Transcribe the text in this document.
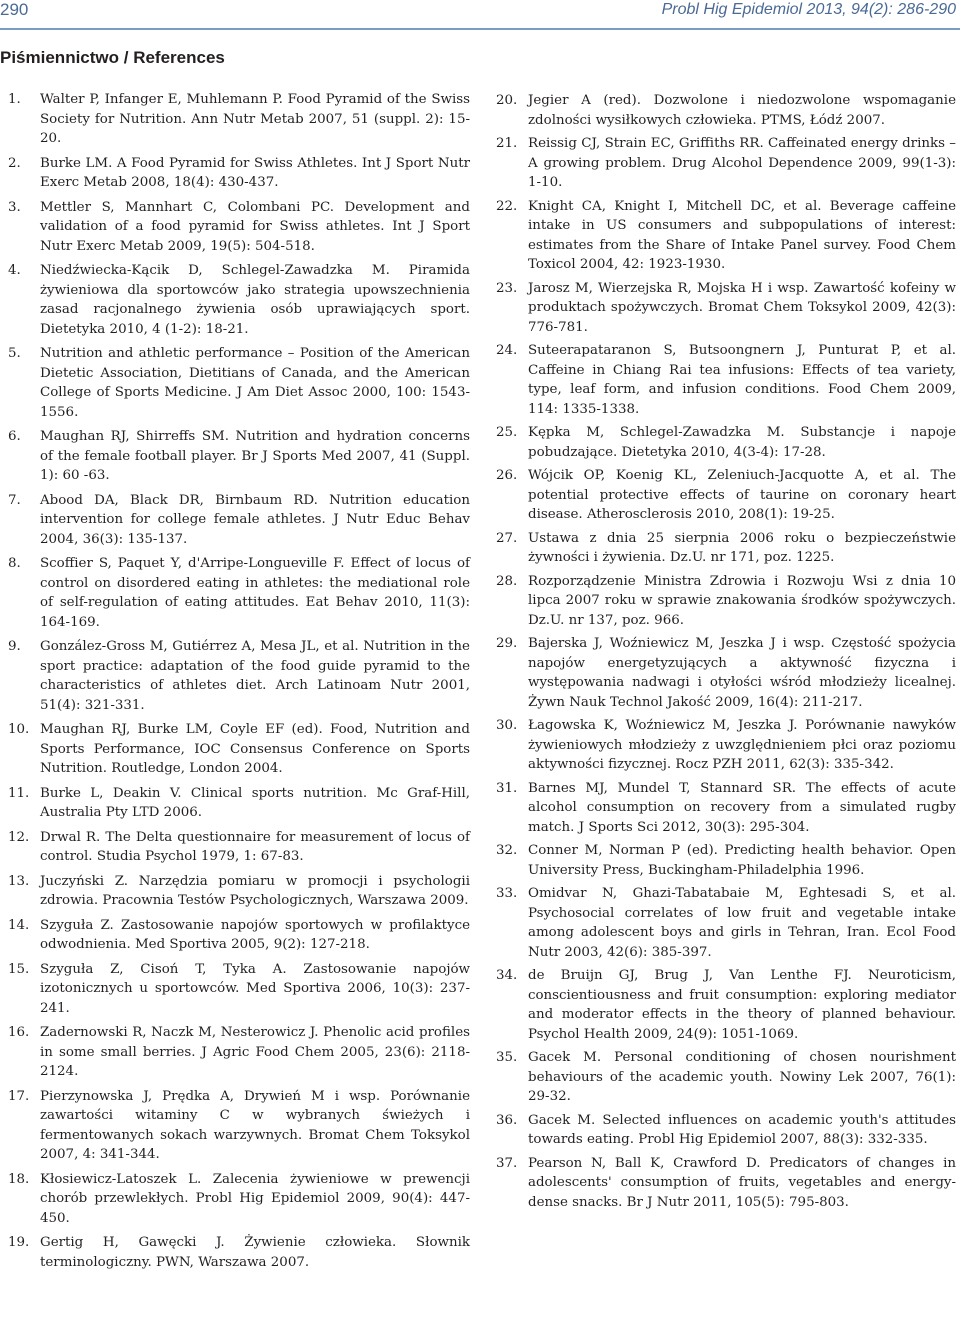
290	Probl Hig Epidemiol 2013, 94(2): 286-290
Piśmiennictwo / References
1. Walter P, Infanger E, Muhlemann P. Food Pyramid of the Swiss Society for Nutrition. Ann Nutr Metab 2007, 51 (suppl. 2): 15-20.
2. Burke LM. A Food Pyramid for Swiss Athletes. Int J Sport Nutr Exerc Metab 2008, 18(4): 430-437.
3. Mettler S, Mannhart C, Colombani PC. Development and validation of a food pyramid for Swiss athletes. Int J Sport Nutr Exerc Metab 2009, 19(5): 504-518.
4. Niedźwiecka-Kącik D, Schlegel-Zawadzka M. Piramida żywieniowa dla sportowców jako strategia upowszechnienia zasad racjonalnego żywienia osób uprawiających sport. Dietetyka 2010, 4 (1-2): 18-21.
5. Nutrition and athletic performance – Position of the American Dietetic Association, Dietitians of Canada, and the American College of Sports Medicine. J Am Diet Assoc 2000, 100: 1543-1556.
6. Maughan RJ, Shirreffs SM. Nutrition and hydration concerns of the female football player. Br J Sports Med 2007, 41 (Suppl. 1): 60 -63.
7. Abood DA, Black DR, Birnbaum RD. Nutrition education intervention for college female athletes. J Nutr Educ Behav 2004, 36(3): 135-137.
8. Scoffier S, Paquet Y, d'Arripe-Longueville F. Effect of locus of control on disordered eating in athletes: the mediational role of self-regulation of eating attitudes. Eat Behav 2010, 11(3): 164-169.
9. González-Gross M, Gutiérrez A, Mesa JL, et al. Nutrition in the sport practice: adaptation of the food guide pyramid to the characteristics of athletes diet. Arch Latinoam Nutr 2001, 51(4): 321-331.
10. Maughan RJ, Burke LM, Coyle EF (ed). Food, Nutrition and Sports Performance, IOC Consensus Conference on Sports Nutrition. Routledge, London 2004.
11. Burke L, Deakin V. Clinical sports nutrition. Mc Graf-Hill, Australia Pty LTD 2006.
12. Drwal R. The Delta questionnaire for measurement of locus of control. Studia Psychol 1979, 1: 67-83.
13. Juczyński Z. Narzędzia pomiaru w promocji i psychologii zdrowia. Pracownia Testów Psychologicznych, Warszawa 2009.
14. Szyguła Z. Zastosowanie napojów sportowych w profilaktyce odwodnienia. Med Sportiva 2005, 9(2): 127-218.
15. Szyguła Z, Cisoń T, Tyka A. Zastosowanie napojów izotonicznych u sportowców. Med Sportiva 2006, 10(3): 237-241.
16. Zadernowski R, Naczk M, Nesterowicz J. Phenolic acid profiles in some small berries. J Agric Food Chem 2005, 23(6): 2118-2124.
17. Pierzynowska J, Prędka A, Drywień M i wsp. Porównanie zawartości witaminy C w wybranych świeżych i fermentowanych sokach warzywnych. Bromat Chem Toksykol 2007, 4: 341-344.
18. Kłosiewicz-Latoszek L. Zalecenia żywieniowe w prewencji chorób przewlekłych. Probl Hig Epidemiol 2009, 90(4): 447-450.
19. Gertig H, Gawęcki J. Żywienie człowieka. Słownik terminologiczny. PWN, Warszawa 2007.
20. Jegier A (red). Dozwolone i niedozwolone wspomaganie zdolności wysiłkowych człowieka. PTMS, Łódź 2007.
21. Reissig CJ, Strain EC, Griffiths RR. Caffeinated energy drinks – A growing problem. Drug Alcohol Dependence 2009, 99(1-3): 1-10.
22. Knight CA, Knight I, Mitchell DC, et al. Beverage caffeine intake in US consumers and subpopulations of interest: estimates from the Share of Intake Panel survey. Food Chem Toxicol 2004, 42: 1923-1930.
23. Jarosz M, Wierzejska R, Mojska H i wsp. Zawartość kofeiny w produktach spożywczych. Bromat Chem Toksykol 2009, 42(3): 776-781.
24. Suteerapataranon S, Butsoongnern J, Punturat P, et al. Caffeine in Chiang Rai tea infusions: Effects of tea variety, type, leaf form, and infusion conditions. Food Chem 2009, 114: 1335-1338.
25. Kępka M, Schlegel-Zawadzka M. Substancje i napoje pobudzające. Dietetyka 2010, 4(3-4): 17-28.
26. Wójcik OP, Koenig KL, Zeleniuch-Jacquotte A, et al. The potential protective effects of taurine on coronary heart disease. Atherosclerosis 2010, 208(1): 19-25.
27. Ustawa z dnia 25 sierpnia 2006 roku o bezpieczeństwie żywności i żywienia. Dz.U. nr 171, poz. 1225.
28. Rozporządzenie Ministra Zdrowia i Rozwoju Wsi z dnia 10 lipca 2007 roku w sprawie znakowania środków spożywczych. Dz.U. nr 137, poz. 966.
29. Bajerska J, Woźniewicz M, Jeszka J i wsp. Częstość spożycia napojów energetyzujących a aktywność fizyczna i występowania nadwagi i otyłości wśród młodzieży licealnej. Żywn Nauk Technol Jakość 2009, 16(4): 211-217.
30. Łagowska K, Woźniewicz M, Jeszka J. Porównanie nawyków żywieniowych młodzieży z uwzględnieniem płci oraz poziomu aktywności fizycznej. Rocz PZH 2011, 62(3): 335-342.
31. Barnes MJ, Mundel T, Stannard SR. The effects of acute alcohol consumption on recovery from a simulated rugby match. J Sports Sci 2012, 30(3): 295-304.
32. Conner M, Norman P (ed). Predicting health behavior. Open University Press, Buckingham-Philadelphia 1996.
33. Omidvar N, Ghazi-Tabatabaie M, Eghtesadi S, et al. Psychosocial correlates of low fruit and vegetable intake among adolescent boys and girls in Tehran, Iran. Ecol Food Nutr 2003, 42(6): 385-397.
34. de Bruijn GJ, Brug J, Van Lenthe FJ. Neuroticism, conscientiousness and fruit consumption: exploring mediator and moderator effects in the theory of planned behaviour. Psychol Health 2009, 24(9): 1051-1069.
35. Gacek M. Personal conditioning of chosen nourishment behaviours of the academic youth. Nowiny Lek 2007, 76(1): 29-32.
36. Gacek M. Selected influences on academic youth's attitudes towards eating. Probl Hig Epidemiol 2007, 88(3): 332-335.
37. Pearson N, Ball K, Crawford D. Predicators of changes in adolescents' consumption of fruits, vegetables and energy-dense snacks. Br J Nutr 2011, 105(5): 795-803.
